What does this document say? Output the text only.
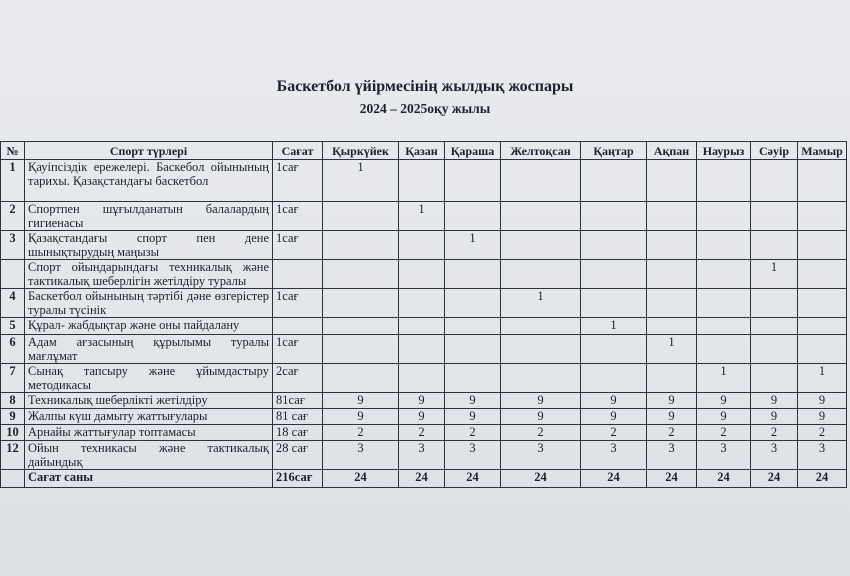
Баскетбол үйірмесінің жылдық жоспары
2024 – 2025оқу жылы
№	Спорт түрлері	Сағат	Қыркүйек	Қазан	Қараша	Желтоқсан	Қаңтар	Ақпан	Наурыз	Сәуір	Мамыр
1	Қауіпсіздік ережелері. Баскебол ойынының тарихы. Қазақстандағы баскетбол	1сағ	1								
2	Спортпен шұғылданатын балалардың гигиенасы	1сағ		1							
3	Қазақстандағы спорт пен дене шынықтырудың маңызы	1сағ			1						
	Спорт ойындарындағы техникалық және тактикалық шеберлігін жетілдіру туралы									1	
4	Баскетбол ойынының тәртібі дәне өзгерістер туралы түсінік	1сағ				1					
5	Құрал- жабдықтар және оны пайдалану						1				
6	Адам ағзасының құрылымы туралы мағлұмат	1сағ						1			
7	Сынақ тапсыру және ұйымдастыру методикасы	2сағ							1		1
8	Техникалық шеберлікті жетілдіру	81сағ	9	9	9	9	9	9	9	9	9
9	Жалпы күш дамыту жаттығулары	81 сағ	9	9	9	9	9	9	9	9	9
10	Арнайы жаттығулар топтамасы	18 сағ	2	2	2	2	2	2	2	2	2
12	Ойын техникасы және тактикалық дайындық	28 сағ	3	3	3	3	3	3	3	3	3
	Сағат саны	216сағ	24	24	24	24	24	24	24	24	24
